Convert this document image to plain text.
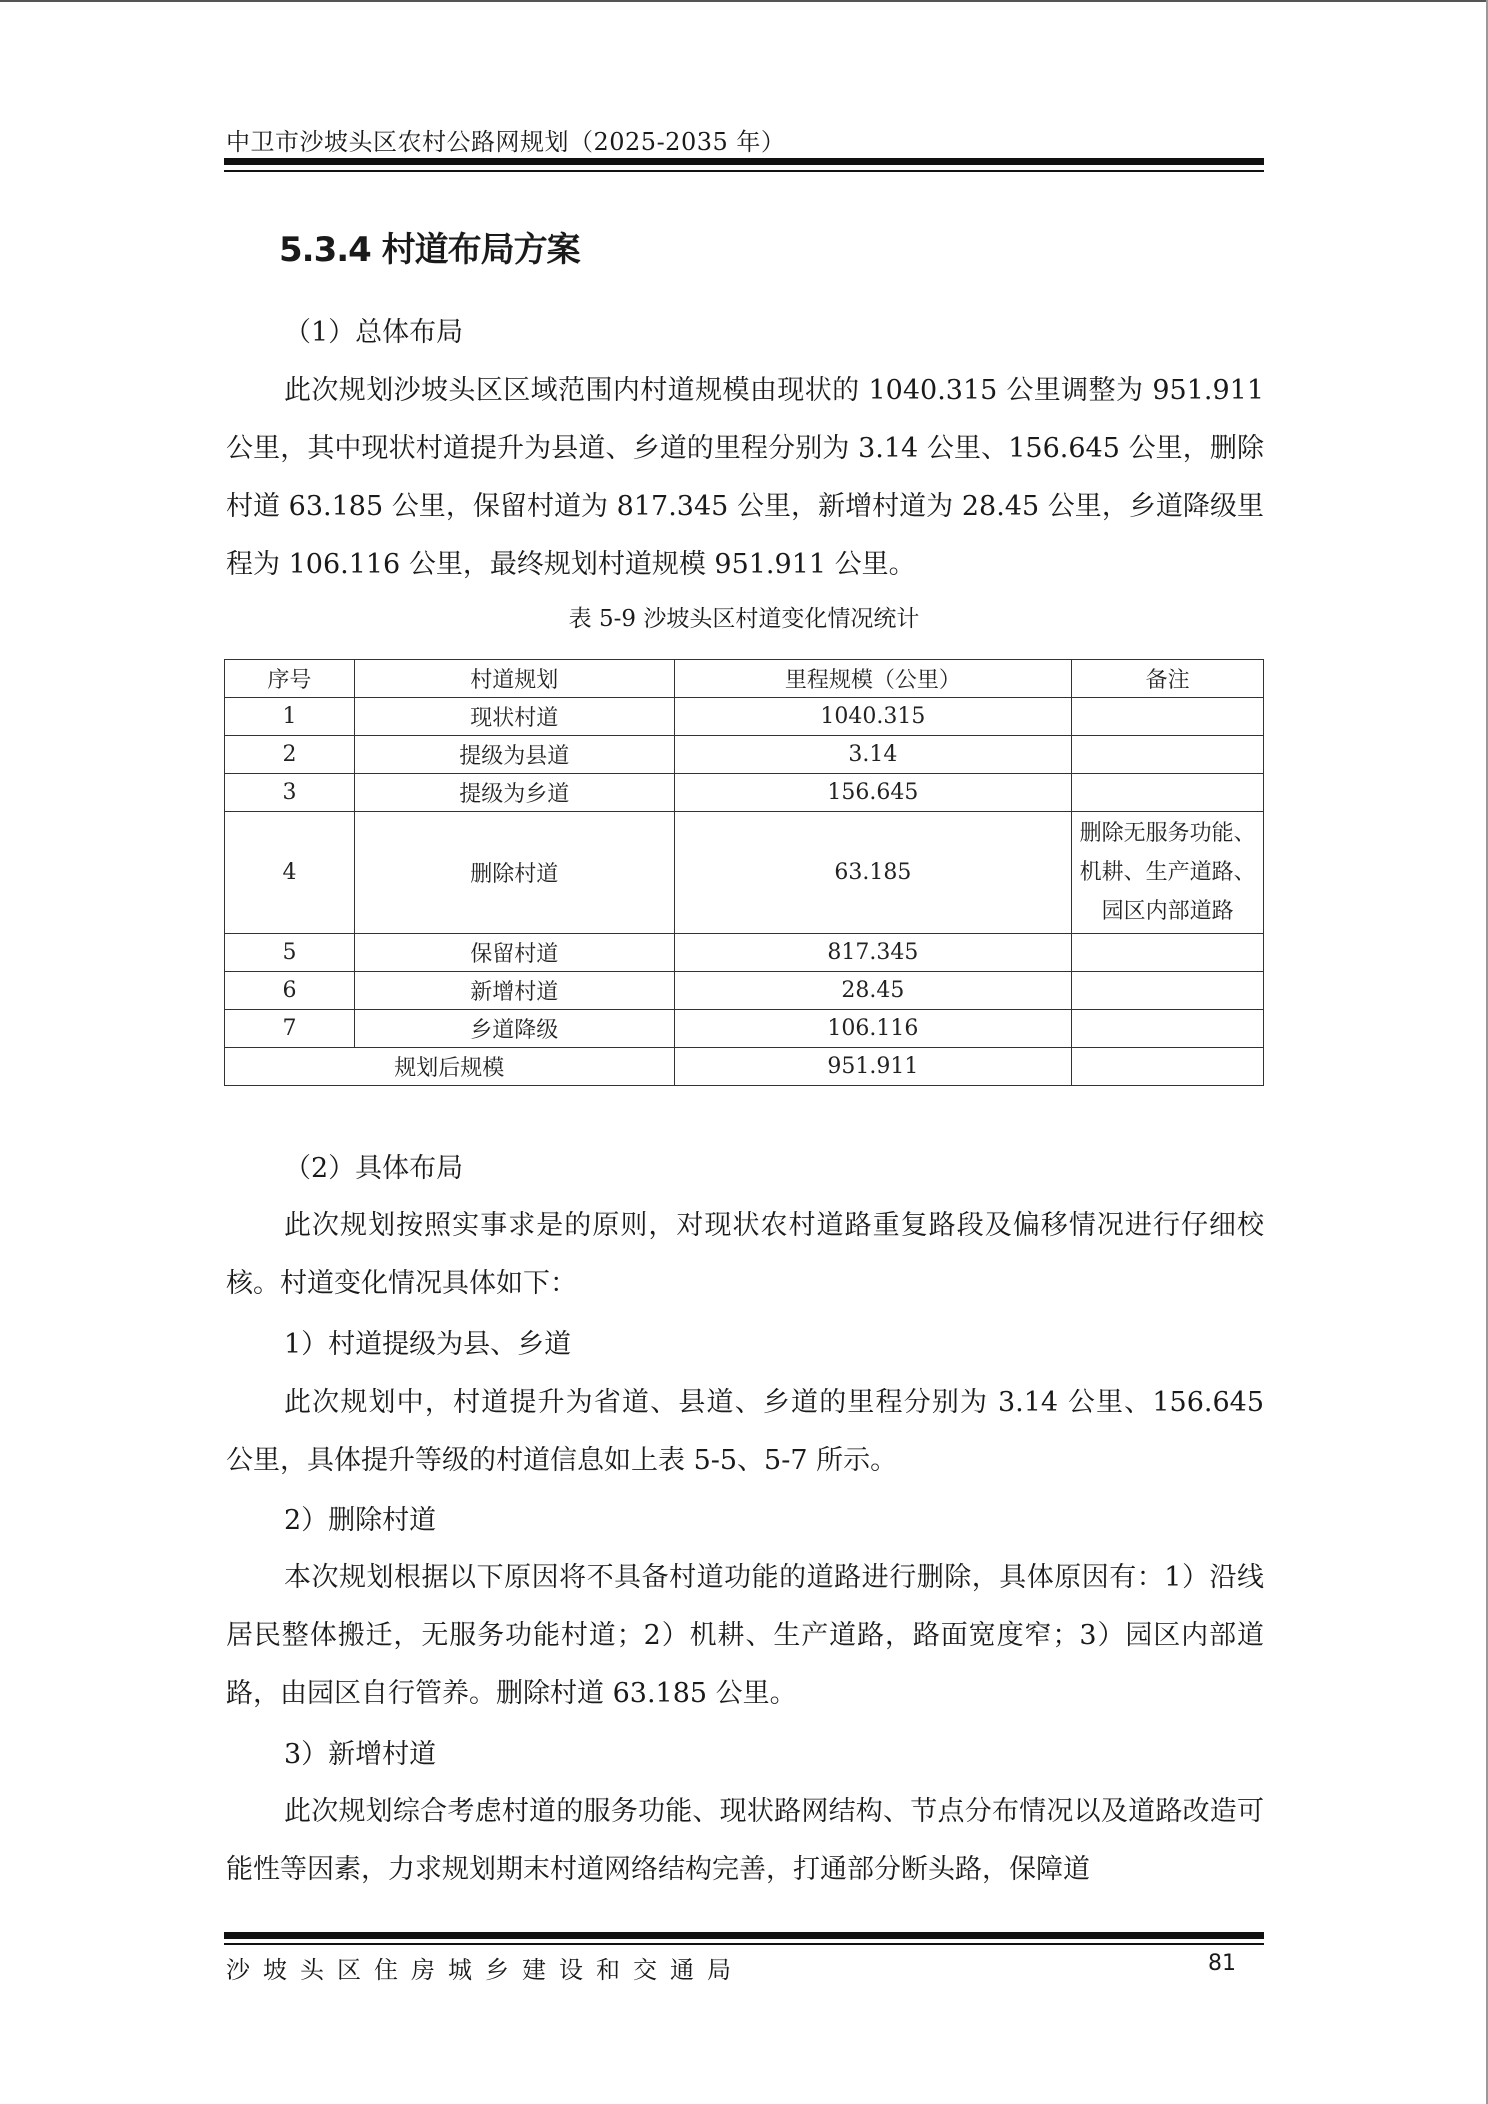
中卫市沙坡头区农村公路网规划（2025-2035 年）
5.3.4 村道布局方案
（1）总体布局
此次规划沙坡头区区域范围内村道规模由现状的 1040.315 公里调整为 951.911 公里，其中现状村道提升为县道、乡道的里程分别为 3.14 公里、156.645 公里，删除村道 63.185 公里，保留村道为 817.345 公里，新增村道为 28.45 公里，乡道降级里程为 106.116 公里，最终规划村道规模 951.911 公里。
表 5-9 沙坡头区村道变化情况统计
序号	村道规划	里程规模（公里）	备注
1	现状村道	1040.315	
2	提级为县道	3.14	
3	提级为乡道	156.645	
4	删除村道	63.185	删除无服务功能、机耕、生产道路、园区内部道路
5	保留村道	817.345	
6	新增村道	28.45	
7	乡道降级	106.116	
规划后规模		951.911	
（2）具体布局
此次规划按照实事求是的原则，对现状农村道路重复路段及偏移情况进行仔细校核。村道变化情况具体如下：
1）村道提级为县、乡道
此次规划中，村道提升为省道、县道、乡道的里程分别为 3.14 公里、156.645 公里，具体提升等级的村道信息如上表 5-5、5-7 所示。
2）删除村道
本次规划根据以下原因将不具备村道功能的道路进行删除，具体原因有：1）沿线居民整体搬迁，无服务功能村道；2）机耕、生产道路，路面宽度窄；3）园区内部道路，由园区自行管养。删除村道 63.185 公里。
3）新增村道
此次规划综合考虑村道的服务功能、现状路网结构、节点分布情况以及道路改造可能性等因素，力求规划期末村道网络结构完善，打通部分断头路，保障道
沙坡头区住房城乡建设和交通局	81
